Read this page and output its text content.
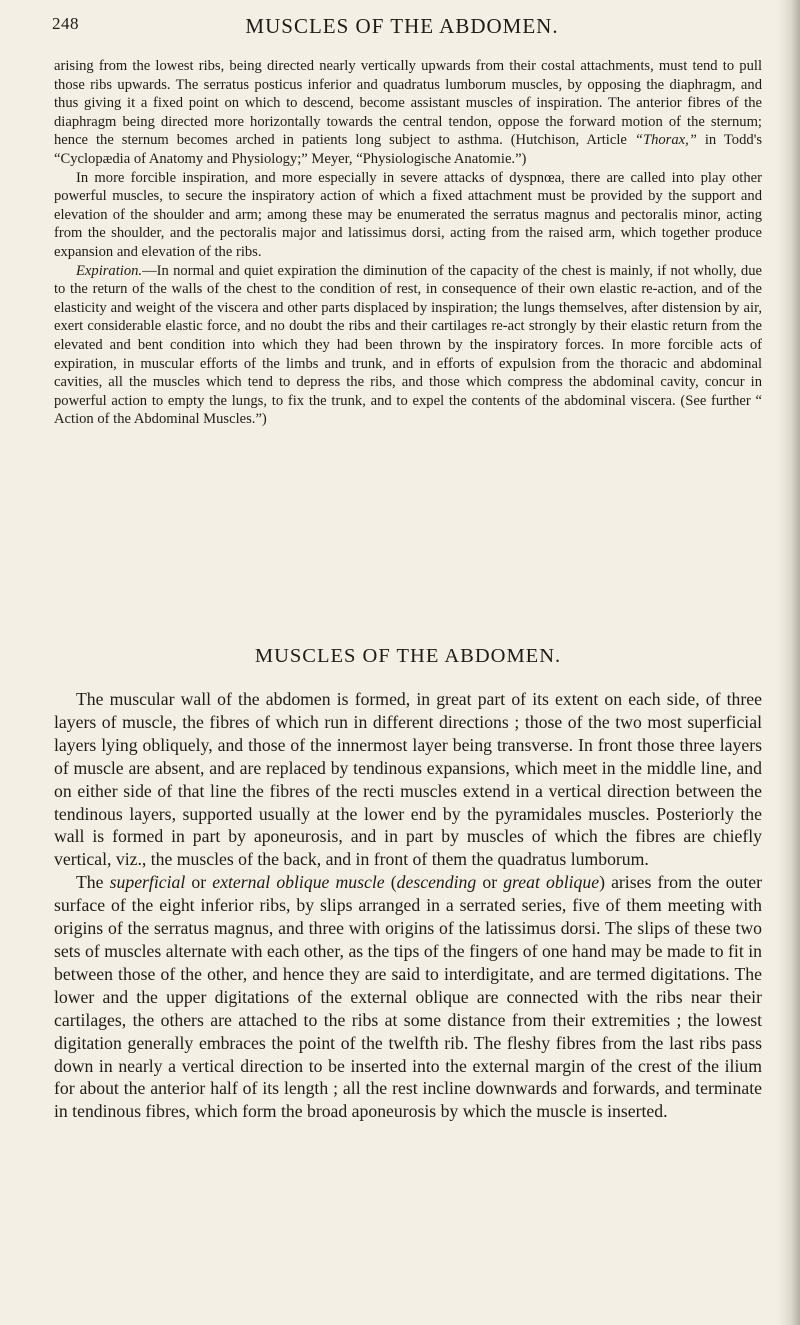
248	MUSCLES OF THE ABDOMEN.

arising from the lowest ribs, being directed nearly vertically upwards from their costal attachments, must tend to pull those ribs upwards. The serratus posticus inferior and quadratus lumborum muscles, by opposing the diaphragm, and thus giving it a fixed point on which to descend, become assistant muscles of inspiration. The anterior fibres of the diaphragm being directed more horizontally towards the central tendon, oppose the forward motion of the sternum; hence the sternum becomes arched in patients long subject to asthma. (Hutchison, Article “Thorax,” in Todd's “Cyclopædia of Anatomy and Physiology;” Meyer, “Physiologische Anatomie.”)

In more forcible inspiration, and more especially in severe attacks of dyspnœa, there are called into play other powerful muscles, to secure the inspiratory action of which a fixed attachment must be provided by the support and elevation of the shoulder and arm; among these may be enumerated the serratus magnus and pectoralis minor, acting from the shoulder, and the pectoralis major and latissimus dorsi, acting from the raised arm, which together produce expansion and elevation of the ribs.

Expiration.—In normal and quiet expiration the diminution of the capacity of the chest is mainly, if not wholly, due to the return of the walls of the chest to the condition of rest, in consequence of their own elastic re-action, and of the elasticity and weight of the viscera and other parts displaced by inspiration; the lungs themselves, after distension by air, exert considerable elastic force, and no doubt the ribs and their cartilages re-act strongly by their elastic return from the elevated and bent condition into which they had been thrown by the inspiratory forces. In more forcible acts of expiration, in muscular efforts of the limbs and trunk, and in efforts of expulsion from the thoracic and abdominal cavities, all the muscles which tend to depress the ribs, and those which compress the abdominal cavity, concur in powerful action to empty the lungs, to fix the trunk, and to expel the contents of the abdominal viscera. (See further “ Action of the Abdominal Muscles.”)

MUSCLES OF THE ABDOMEN.

The muscular wall of the abdomen is formed, in great part of its extent on each side, of three layers of muscle, the fibres of which run in different directions ; those of the two most superficial layers lying obliquely, and those of the innermost layer being transverse. In front those three layers of muscle are absent, and are replaced by tendinous expansions, which meet in the middle line, and on either side of that line the fibres of the recti muscles extend in a vertical direction between the tendinous layers, supported usually at the lower end by the pyramidales muscles. Posteriorly the wall is formed in part by aponeurosis, and in part by muscles of which the fibres are chiefly vertical, viz., the muscles of the back, and in front of them the quadratus lumborum.

The superficial or external oblique muscle (descending or great oblique) arises from the outer surface of the eight inferior ribs, by slips arranged in a serrated series, five of them meeting with origins of the serratus magnus, and three with origins of the latissimus dorsi. The slips of these two sets of muscles alternate with each other, as the tips of the fingers of one hand may be made to fit in between those of the other, and hence they are said to interdigitate, and are termed digitations. The lower and the upper digitations of the external oblique are connected with the ribs near their cartilages, the others are attached to the ribs at some distance from their extremities ; the lowest digitation generally embraces the point of the twelfth rib. The fleshy fibres from the last ribs pass down in nearly a vertical direction to be inserted into the external margin of the crest of the ilium for about the anterior half of its length ; all the rest incline downwards and forwards, and terminate in tendinous fibres, which form the broad aponeurosis by which the muscle is inserted.
